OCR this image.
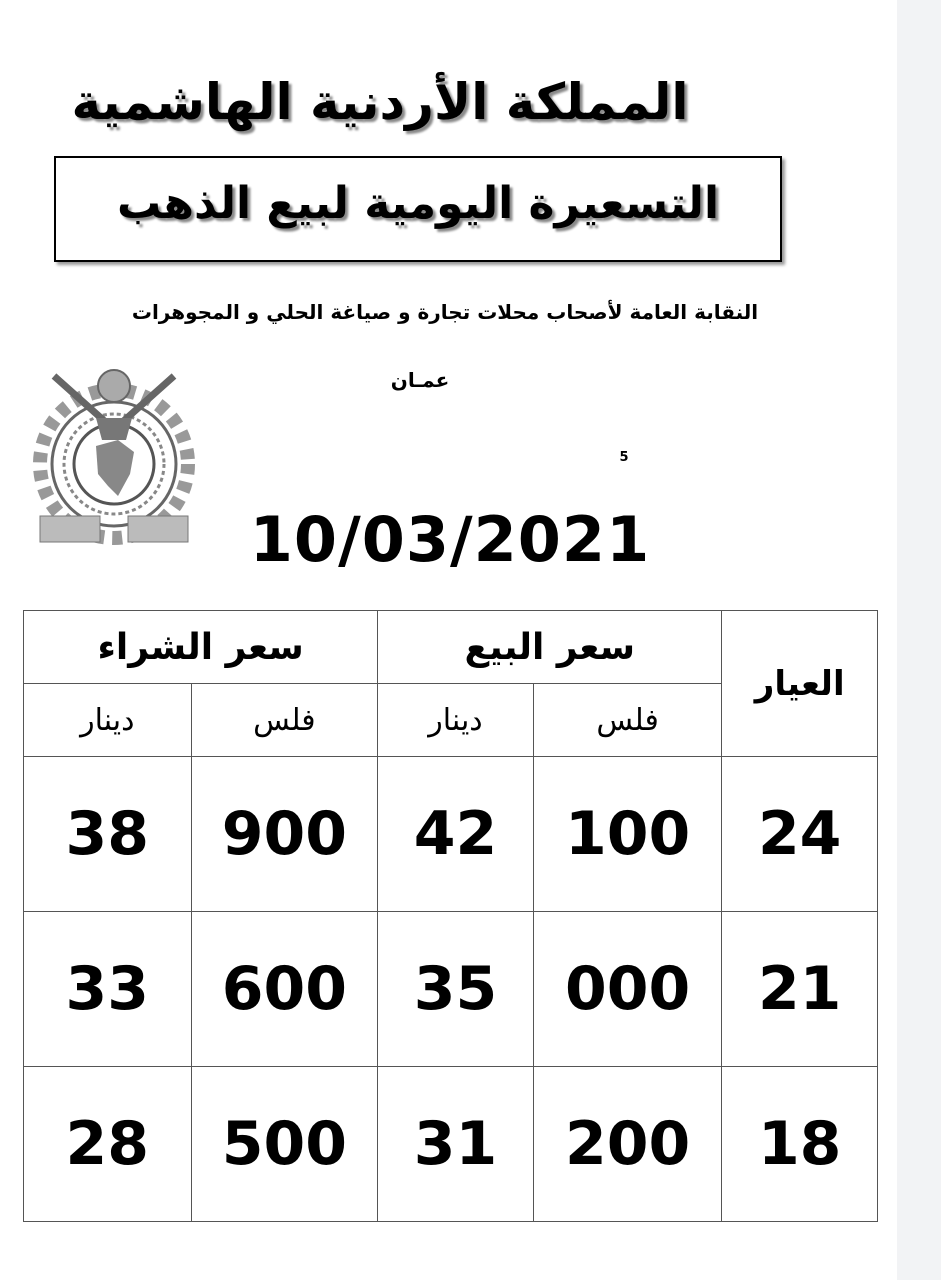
المملكة الأردنية الهاشمية
التسعيرة اليومية لبيع الذهب
النقابة العامة لأصحاب محلات تجارة و صياغة الحلي و المجوهرات
عمـان
5
10/03/2021
العيار	سعر البيع		سعر الشراء	
	فلس	دينار	فلس	دينار
24	100	42	900	38
21	000	35	600	33
18	200	31	500	28
